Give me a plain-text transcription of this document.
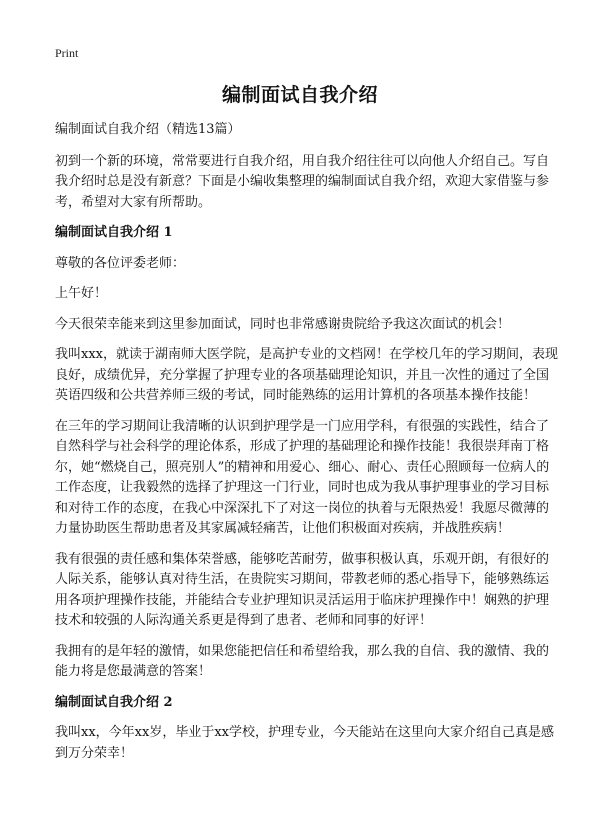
Print
编制面试自我介绍

编制面试自我介绍（精选13篇）

初到一个新的环境，常常要进行自我介绍，用自我介绍往往可以向他人介绍自己。写自我介绍时总是没有新意？下面是小编收集整理的编制面试自我介绍，欢迎大家借鉴与参考，希望对大家有所帮助。

编制面试自我介绍 1

尊敬的各位评委老师：

上午好！

今天很荣幸能来到这里参加面试，同时也非常感谢贵院给予我这次面试的机会！

我叫xxx，就读于湖南师大医学院，是高护专业的文档网！在学校几年的学习期间，表现良好，成绩优异，充分掌握了护理专业的各项基础理论知识，并且一次性的通过了全国英语四级和公共营养师三级的考试，同时能熟练的运用计算机的各项基本操作技能！

在三年的学习期间让我清晰的认识到护理学是一门应用学科，有很强的实践性，结合了自然科学与社会科学的理论体系，形成了护理的基础理论和操作技能！我很崇拜南丁格尔，她“燃烧自己，照亮别人”的精神和用爱心、细心、耐心、责任心照顾每一位病人的工作态度，让我毅然的选择了护理这一门行业，同时也成为我从事护理事业的学习目标和对待工作的态度，在我心中深深扎下了对这一岗位的执着与无限热爱！我愿尽微薄的力量协助医生帮助患者及其家属减轻痛苦，让他们积极面对疾病，并战胜疾病！

我有很强的责任感和集体荣誉感，能够吃苦耐劳，做事积极认真，乐观开朗，有很好的人际关系，能够认真对待生活，在贵院实习期间，带教老师的悉心指导下，能够熟练运用各项护理操作技能，并能结合专业护理知识灵活运用于临床护理操作中！娴熟的护理技术和较强的人际沟通关系更是得到了患者、老师和同事的好评！

我拥有的是年轻的激情，如果您能把信任和希望给我，那么我的自信、我的激情、我的能力将是您最满意的答案！

编制面试自我介绍 2

我叫xx，今年xx岁，毕业于xx学校，护理专业，今天能站在这里向大家介绍自己真是感到万分荣幸！
